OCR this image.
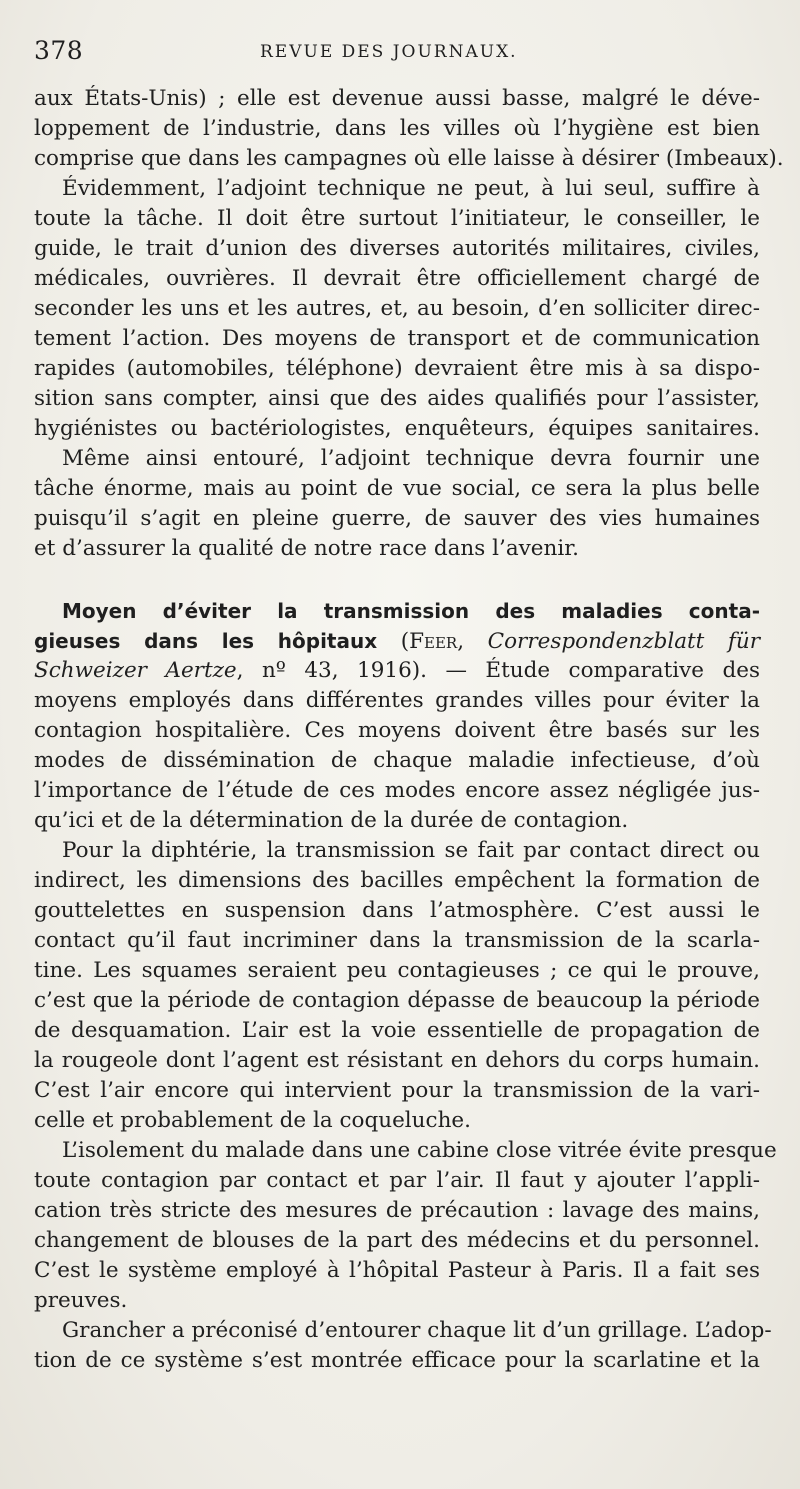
378	REVUE DES JOURNAUX.
aux États-Unis) ; elle est devenue aussi basse, malgré le déve-
loppement de l’industrie, dans les villes où l’hygiène est bien
comprise que dans les campagnes où elle laisse à désirer (Imbeaux).
Évidemment, l’adjoint technique ne peut, à lui seul, suffire à
toute la tâche. Il doit être surtout l’initiateur, le conseiller, le
guide, le trait d’union des diverses autorités militaires, civiles,
médicales, ouvrières. Il devrait être officiellement chargé de
seconder les uns et les autres, et, au besoin, d’en solliciter direc-
tement l’action. Des moyens de transport et de communication
rapides (automobiles, téléphone) devraient être mis à sa dispo-
sition sans compter, ainsi que des aides qualifiés pour l’assister,
hygiénistes ou bactériologistes, enquêteurs, équipes sanitaires.
Même ainsi entouré, l’adjoint technique devra fournir une
tâche énorme, mais au point de vue social, ce sera la plus belle
puisqu’il s’agit en pleine guerre, de sauver des vies humaines
et d’assurer la qualité de notre race dans l’avenir.
Moyen d’éviter la transmission des maladies conta-
gieuses dans les hôpitaux (Feer, Correspondenzblatt für
Schweizer Aertze, nº 43, 1916). — Étude comparative des
moyens employés dans différentes grandes villes pour éviter la
contagion hospitalière. Ces moyens doivent être basés sur les
modes de dissémination de chaque maladie infectieuse, d’où
l’importance de l’étude de ces modes encore assez négligée jus-
qu’ici et de la détermination de la durée de contagion.
Pour la diphtérie, la transmission se fait par contact direct ou
indirect, les dimensions des bacilles empêchent la formation de
gouttelettes en suspension dans l’atmosphère. C’est aussi le
contact qu’il faut incriminer dans la transmission de la scarla-
tine. Les squames seraient peu contagieuses ; ce qui le prouve,
c’est que la période de contagion dépasse de beaucoup la période
de desquamation. L’air est la voie essentielle de propagation de
la rougeole dont l’agent est résistant en dehors du corps humain.
C’est l’air encore qui intervient pour la transmission de la vari-
celle et probablement de la coqueluche.
L’isolement du malade dans une cabine close vitrée évite presque
toute contagion par contact et par l’air. Il faut y ajouter l’appli-
cation très stricte des mesures de précaution : lavage des mains,
changement de blouses de la part des médecins et du personnel.
C’est le système employé à l’hôpital Pasteur à Paris. Il a fait ses
preuves.
Grancher a préconisé d’entourer chaque lit d’un grillage. L’adop-
tion de ce système s’est montrée efficace pour la scarlatine et la
